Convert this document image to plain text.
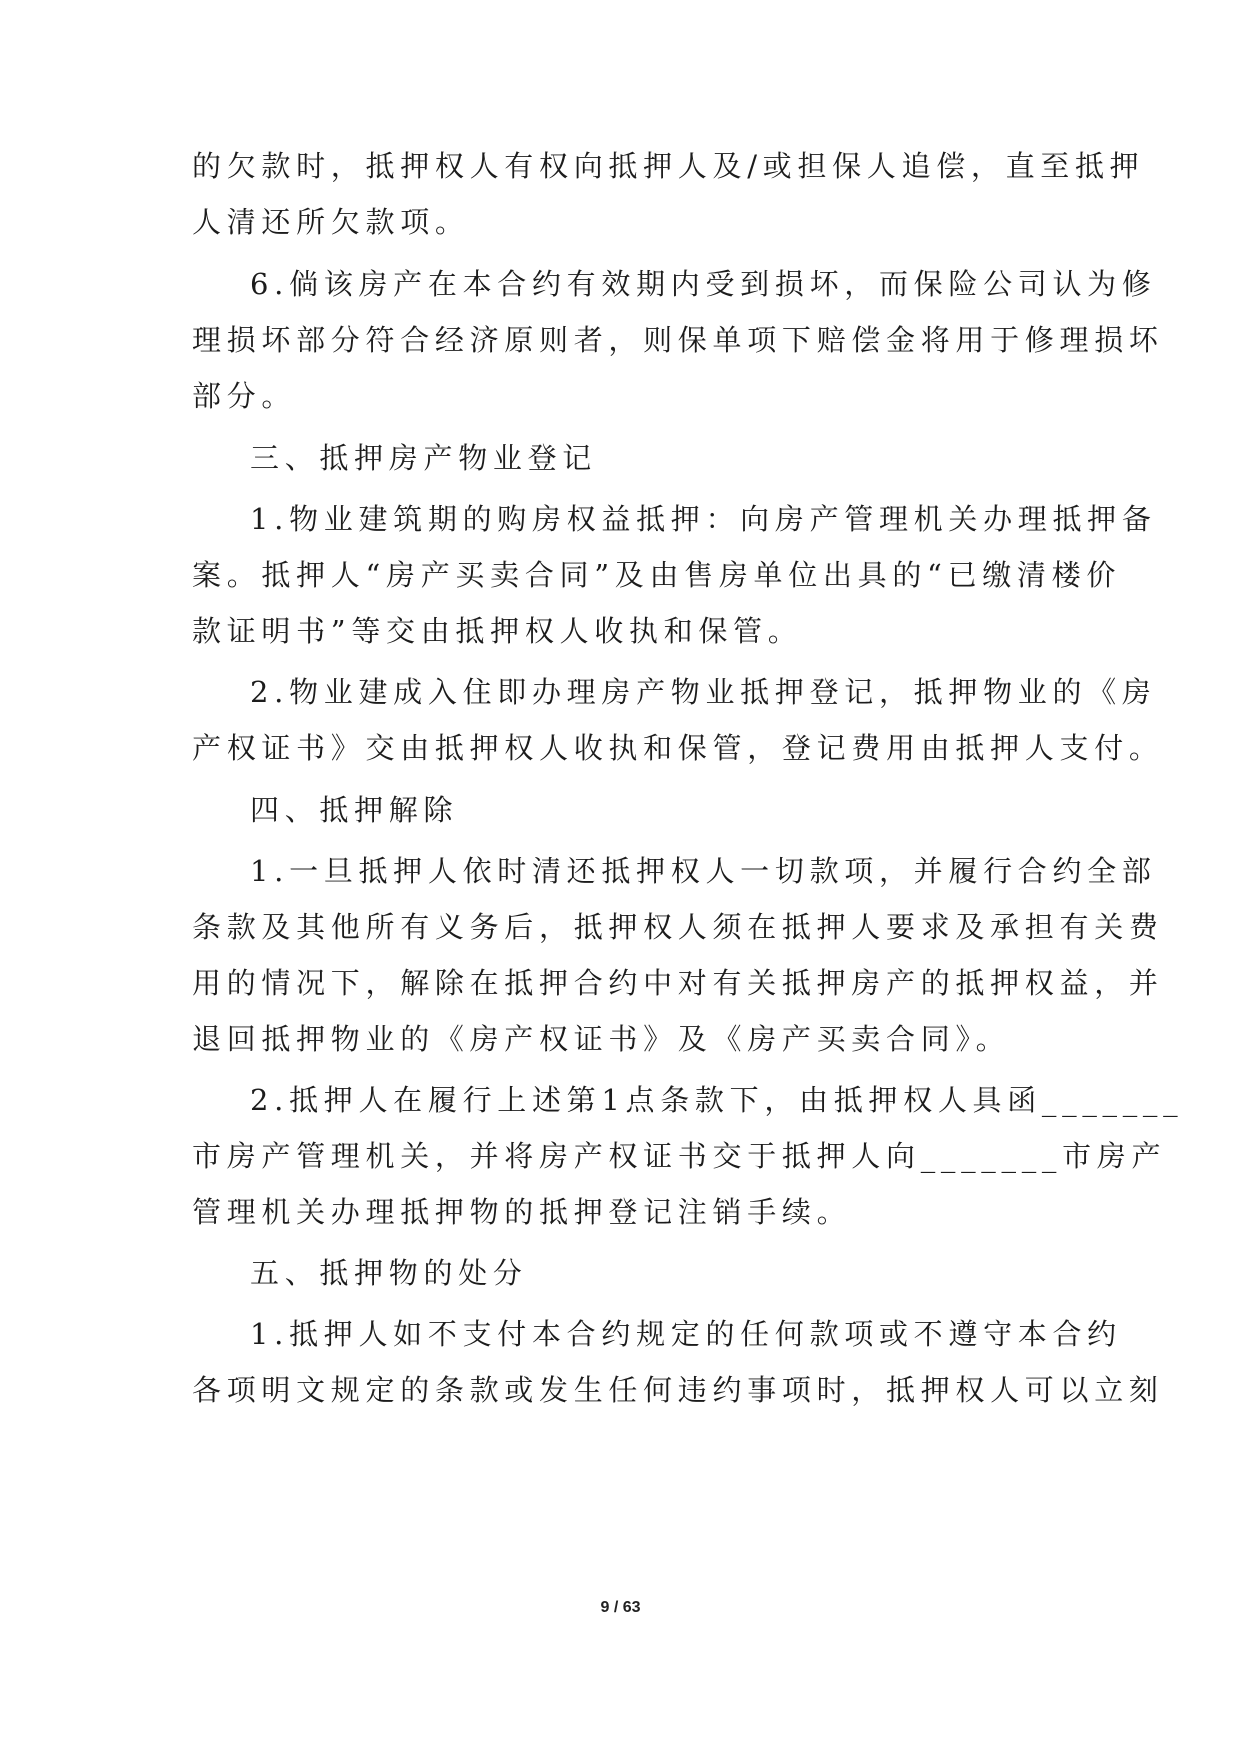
的欠款时，抵押权人有权向抵押人及/或担保人追偿，直至抵押
人清还所欠款项。
6.倘该房产在本合约有效期内受到损坏，而保险公司认为修
理损坏部分符合经济原则者，则保单项下赔偿金将用于修理损坏
部分。
三、抵押房产物业登记
1.物业建筑期的购房权益抵押：向房产管理机关办理抵押备
案。抵押人“房产买卖合同”及由售房单位出具的“已缴清楼价
款证明书”等交由抵押权人收执和保管。
2.物业建成入住即办理房产物业抵押登记，抵押物业的《房
产权证书》交由抵押权人收执和保管，登记费用由抵押人支付。
四、抵押解除
1.一旦抵押人依时清还抵押权人一切款项，并履行合约全部
条款及其他所有义务后，抵押权人须在抵押人要求及承担有关费
用的情况下，解除在抵押合约中对有关抵押房产的抵押权益，并
退回抵押物业的《房产权证书》及《房产买卖合同》。
2.抵押人在履行上述第1点条款下，由抵押权人具函_______
市房产管理机关，并将房产权证书交于抵押人向_______市房产
管理机关办理抵押物的抵押登记注销手续。
五、抵押物的处分
1.抵押人如不支付本合约规定的任何款项或不遵守本合约
各项明文规定的条款或发生任何违约事项时，抵押权人可以立刻
9 / 63
